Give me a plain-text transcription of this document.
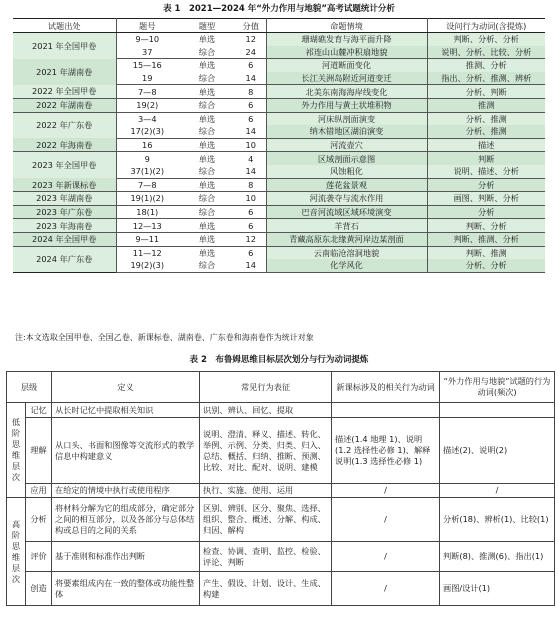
表 1　2021—2024 年“外力作用与地貌”高考试题统计分析
试题出处	题号	题型	分值	命题情境	设问行为动词(含提炼)
2021 年全国甲卷	9—10	单选	12	珊瑚礁发育与海平面升降	判断、分析、分析
	37	综合	24	祁连山山麓冲积扇地貌	说明、分析、比较、分析
2021 年湖南卷	15—16	单选	6	河道断面变化	推测、分析
	19	综合	14	长江关洲岛附近河道变迁	指出、分析、推测、辨析
2022 年全国甲卷	7—8	单选	8	北美东南海海岸线变化	分析、判断
2022 年湖南卷	19(2)	综合	6	外力作用与黄土状堆积物	推测
2022 年广东卷	3—4	单选	6	河床纵剖面演变	分析、推测
	17(2)(3)	综合	14	纳木错地区湖泊演变	分析、推测
2022 年海南卷	16	单选	10	河流壶穴	描述
2023 年全国甲卷	9	单选	4	区域剖面示意图	判断
	37(1)(2)	综合	14	风蚀粗化	说明、描述、分析
2023 年新课标卷	7—8	单选	8	莲花盆景观	分析
2023 年湖南卷	19(1)(2)	综合	10	河流袭夺与流水作用	画图、判断、分析
2023 年广东卷	18(1)	综合	6	巴音河流域区域环境演变	分析
2023 年海南卷	12—13	单选	6	羊背石	判断、分析
2024 年全国甲卷	9—11	单选	12	青藏高原东北缘黄河岸边某剖面	判断、推测、分析
2024 年广东卷	11—12	单选	6	云南临沧溶洞地貌	判断、推测
	19(2)(3)	综合	14	化学风化	分析、分析
注:本文选取全国甲卷、全国乙卷、新课标卷、湖南卷、广东卷和海南卷作为统计对象
表 2　布鲁姆思维目标层次划分与行为动词提炼
层级		定义	常见行为表征	新课标涉及的相关行为动词	“外力作用与地貌”试题的行为动词(频次)
低阶思维层次	记忆	从长时记忆中提取相关知识	识别、辨认、回忆、提取		
	理解	从口头、书面和图像等交流形式的教学信息中构建意义	说明、澄清、释义、描述、转化、举例、示例、分类、归类、归入、总结、概括、归纳、推断、预测、比较、对比、配对、说明、建模	描述(1.4 地理 1)、说明(1.2 选择性必修 1)、解释说明(1.3 选择性必修 1)	描述(2)、说明(2)
	应用	在给定的情境中执行或使用程序	执行、实施、使用、运用	/	/
高阶思维层次	分析	将材料分解为它的组成部分，确定部分之间的相互部分，以及各部分与总体结构或总目的之间的关系	区别、辨别、区分、聚焦、选择、组织、整合、概述、分解、构成、归因、解构	/	分析(18)、辨析(1)、比较(1)
	评价	基于准则和标准作出判断	检查、协调、查明、监控、检验、评论、判断	/	判断(8)、推测(6)、指出(1)
	创造	将要素组成内在一致的整体或功能性整体	产生、假设、计划、设计、生成、构建	/	画图/设计(1)
